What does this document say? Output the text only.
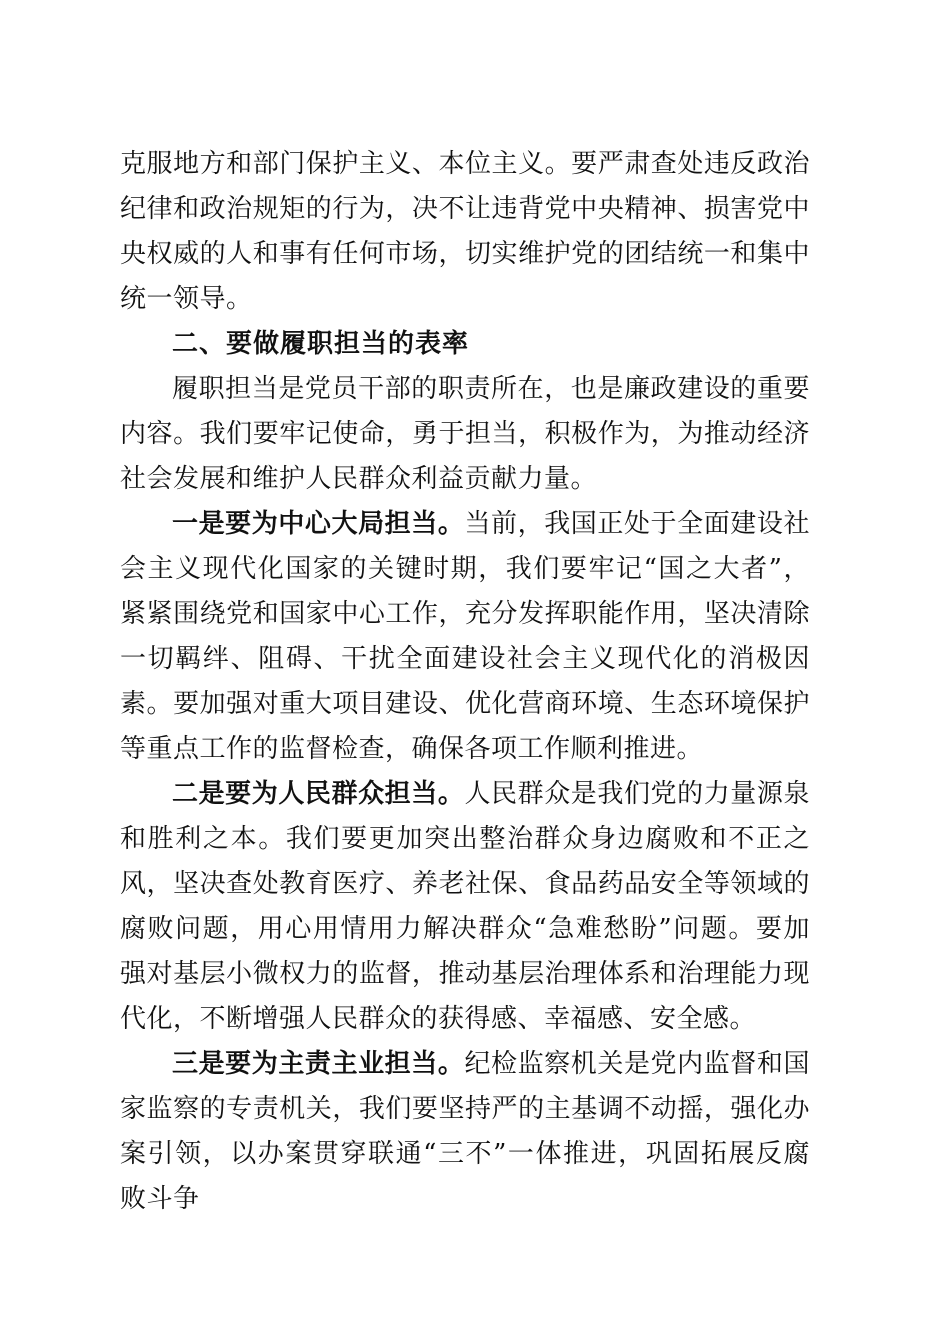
克服地方和部门保护主义、本位主义。要严肃查处违反政治纪律和政治规矩的行为，决不让违背党中央精神、损害党中央权威的人和事有任何市场，切实维护党的团结统一和集中统一领导。

二、要做履职担当的表率

履职担当是党员干部的职责所在，也是廉政建设的重要内容。我们要牢记使命，勇于担当，积极作为，为推动经济社会发展和维护人民群众利益贡献力量。

一是要为中心大局担当。当前，我国正处于全面建设社会主义现代化国家的关键时期，我们要牢记“国之大者”，紧紧围绕党和国家中心工作，充分发挥职能作用，坚决清除一切羁绊、阻碍、干扰全面建设社会主义现代化的消极因素。要加强对重大项目建设、优化营商环境、生态环境保护等重点工作的监督检查，确保各项工作顺利推进。

二是要为人民群众担当。人民群众是我们党的力量源泉和胜利之本。我们要更加突出整治群众身边腐败和不正之风，坚决查处教育医疗、养老社保、食品药品安全等领域的腐败问题，用心用情用力解决群众“急难愁盼”问题。要加强对基层小微权力的监督，推动基层治理体系和治理能力现代化，不断增强人民群众的获得感、幸福感、安全感。

三是要为主责主业担当。纪检监察机关是党内监督和国家监察的专责机关，我们要坚持严的主基调不动摇，强化办案引领，以办案贯穿联通“三不”一体推进，巩固拓展反腐败斗争
